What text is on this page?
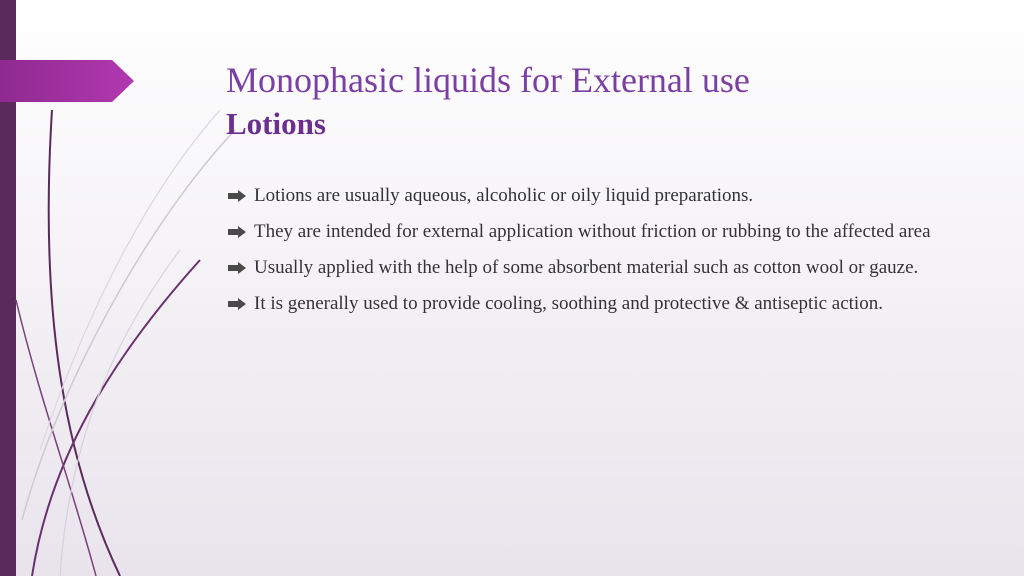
Monophasic liquids for External use
Lotions
Lotions are usually aqueous, alcoholic or oily liquid preparations.
They are intended for external application without friction or rubbing to the affected area
Usually applied with the help of some absorbent material such as cotton wool or gauze.
It is generally used to provide cooling, soothing and protective & antiseptic action.
